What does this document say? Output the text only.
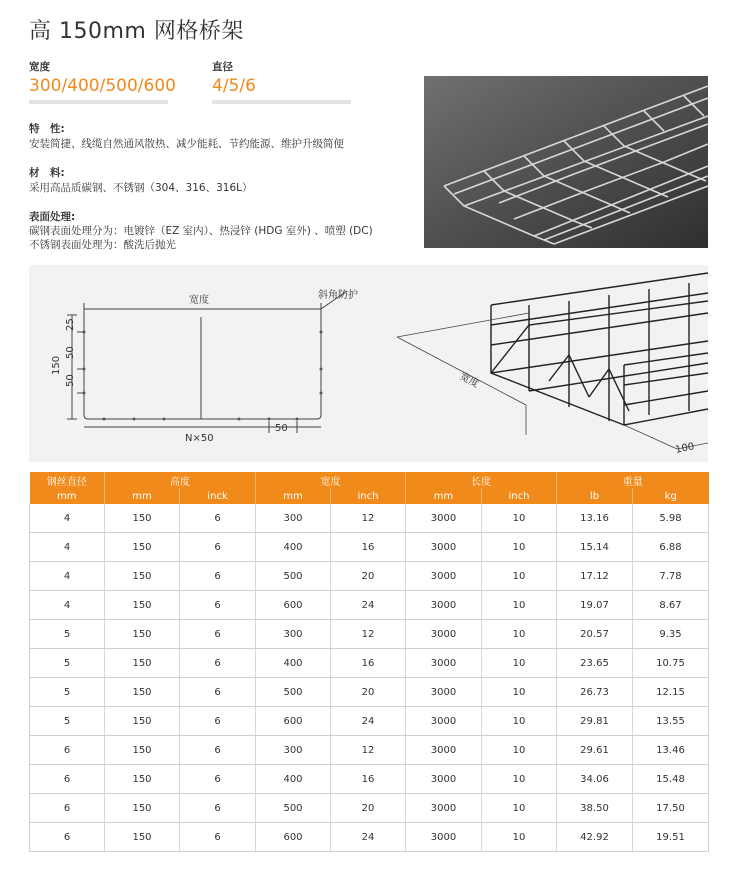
高 150mm 网格桥架
宽度
300/400/500/600
直径
4/5/6
特　性:
安装简捷、线缆自然通风散热、减少能耗、节约能源、维护升级简便
材　料:
采用高品质碳钢、不锈钢（304、316、316L）
表面处理:
碳钢表面处理分为：电镀锌（EZ 室内）、热浸锌 (HDG 室外) 、喷塑 (DC)
不锈钢表面处理为：酸洗后抛光
宽度	斜角防护
150
25
50
50
N×50
50
宽度
100
钢丝直径	高度		宽度		长度		重量	
mm	mm	inck	mm	inch	mm	inch	lb	kg
4	150	6	300	12	3000	10	13.16	5.98
4	150	6	400	16	3000	10	15.14	6.88
4	150	6	500	20	3000	10	17.12	7.78
4	150	6	600	24	3000	10	19.07	8.67
5	150	6	300	12	3000	10	20.57	9.35
5	150	6	400	16	3000	10	23.65	10.75
5	150	6	500	20	3000	10	26.73	12.15
5	150	6	600	24	3000	10	29.81	13.55
6	150	6	300	12	3000	10	29.61	13.46
6	150	6	400	16	3000	10	34.06	15.48
6	150	6	500	20	3000	10	38.50	17.50
6	150	6	600	24	3000	10	42.92	19.51
